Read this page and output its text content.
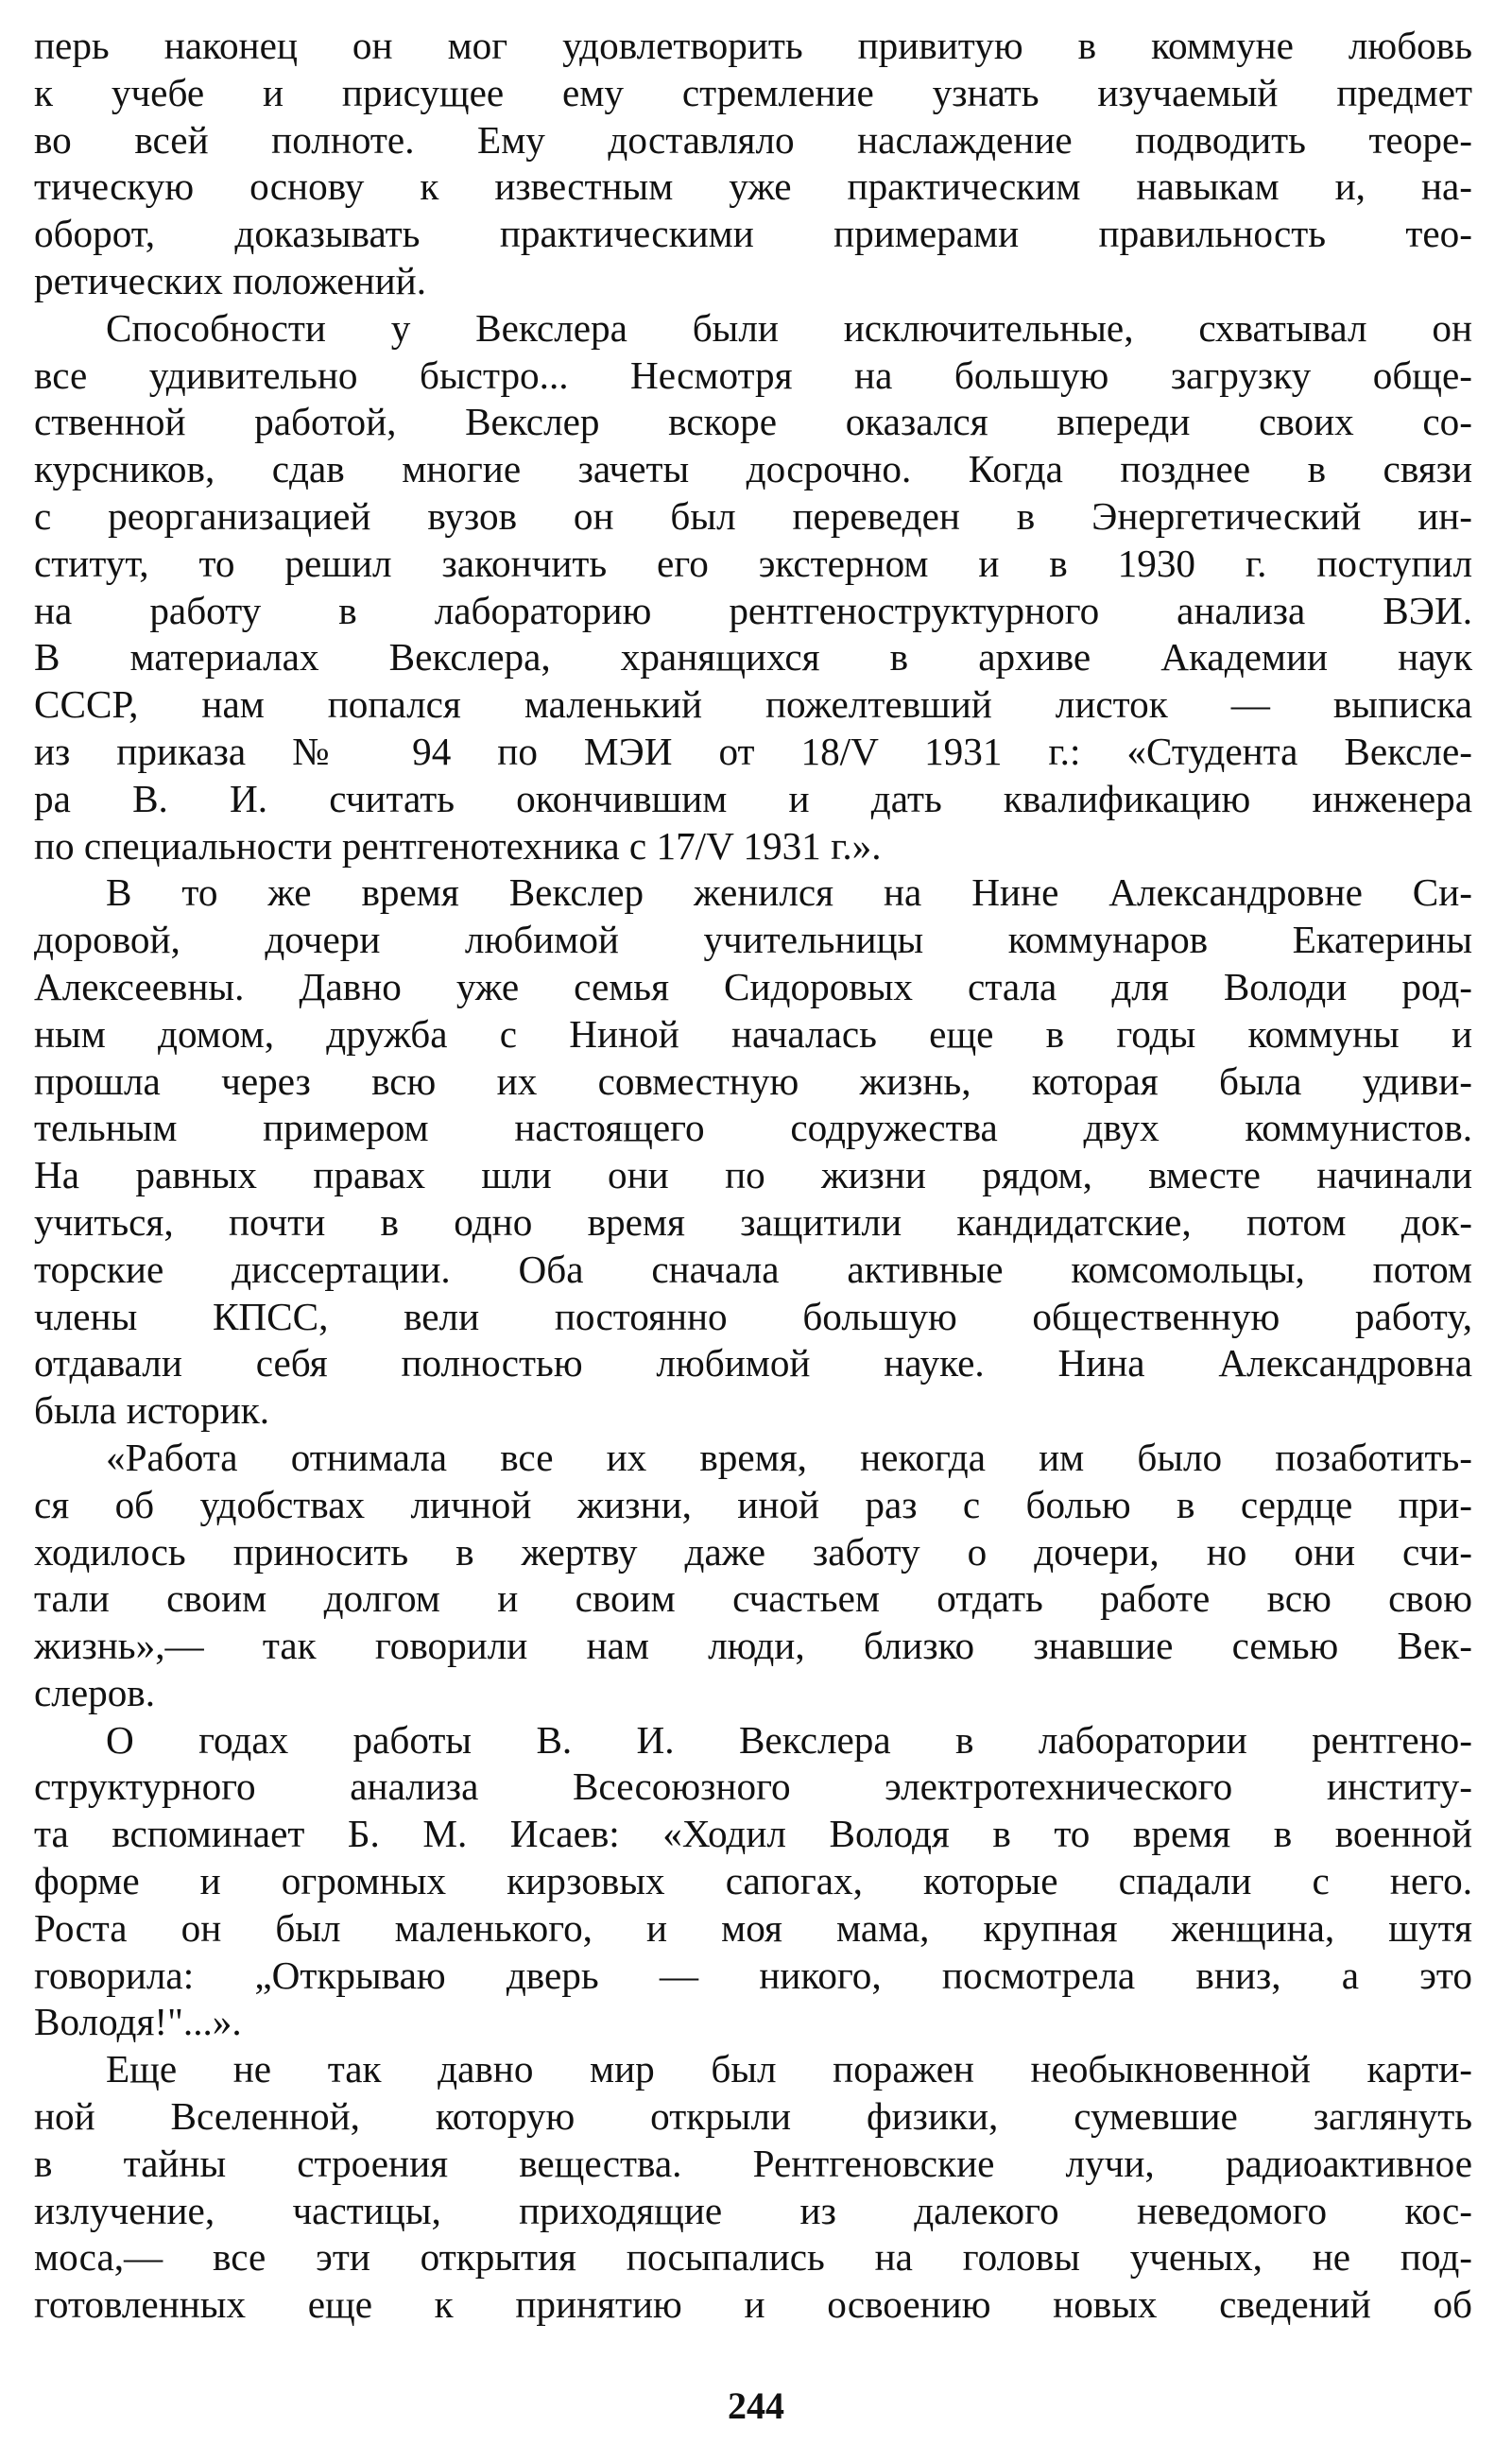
перь наконец он мог удовлетворить привитую в коммуне любовь
к учебе и присущее ему стремление узнать изучаемый предмет
во всей полноте. Ему доставляло наслаждение подводить теоре-
тическую основу к известным уже практическим навыкам и, на-
оборот, доказывать практическими примерами правильность тео-
ретических положений.
Способности у Векслера были исключительные, схватывал он
все удивительно быстро... Несмотря на большую загрузку обще-
ственной работой, Векслер вскоре оказался впереди своих со-
курсников, сдав многие зачеты досрочно. Когда позднее в связи
с реорганизацией вузов он был переведен в Энергетический ин-
ститут, то решил закончить его экстерном и в 1930 г. поступил
на работу в лабораторию рентгеноструктурного анализа ВЭИ.
В материалах Векслера, хранящихся в архиве Академии наук
СССР, нам попался маленький пожелтевший листок — выписка
из приказа № 94 по МЭИ от 18/V 1931 г.: «Студента Вексле-
ра В. И. считать окончившим и дать квалификацию инженера
по специальности рентгенотехника с 17/V 1931 г.».
В то же время Векслер женился на Нине Александровне Си-
доровой, дочери любимой учительницы коммунаров Екатерины
Алексеевны. Давно уже семья Сидоровых стала для Володи род-
ным домом, дружба с Ниной началась еще в годы коммуны и
прошла через всю их совместную жизнь, которая была удиви-
тельным примером настоящего содружества двух коммунистов.
На равных правах шли они по жизни рядом, вместе начинали
учиться, почти в одно время защитили кандидатские, потом док-
торские диссертации. Оба сначала активные комсомольцы, потом
члены КПСС, вели постоянно большую общественную работу,
отдавали себя полностью любимой науке. Нина Александровна
была историк.
«Работа отнимала все их время, некогда им было позаботить-
ся об удобствах личной жизни, иной раз с болью в сердце при-
ходилось приносить в жертву даже заботу о дочери, но они счи-
тали своим долгом и своим счастьем отдать работе всю свою
жизнь»,— так говорили нам люди, близко знавшие семью Век-
слеров.
О годах работы В. И. Векслера в лаборатории рентгено-
структурного анализа Всесоюзного электротехнического институ-
та вспоминает Б. М. Исаев: «Ходил Володя в то время в военной
форме и огромных кирзовых сапогах, которые спадали с него.
Роста он был маленького, и моя мама, крупная женщина, шутя
говорила: „Открываю дверь — никого, посмотрела вниз, а это
Володя!"...».
Еще не так давно мир был поражен необыкновенной карти-
ной Вселенной, которую открыли физики, сумевшие заглянуть
в тайны строения вещества. Рентгеновские лучи, радиоактивное
излучение, частицы, приходящие из далекого неведомого кос-
моса,— все эти открытия посыпались на головы ученых, не под-
готовленных еще к принятию и освоению новых сведений об
244
